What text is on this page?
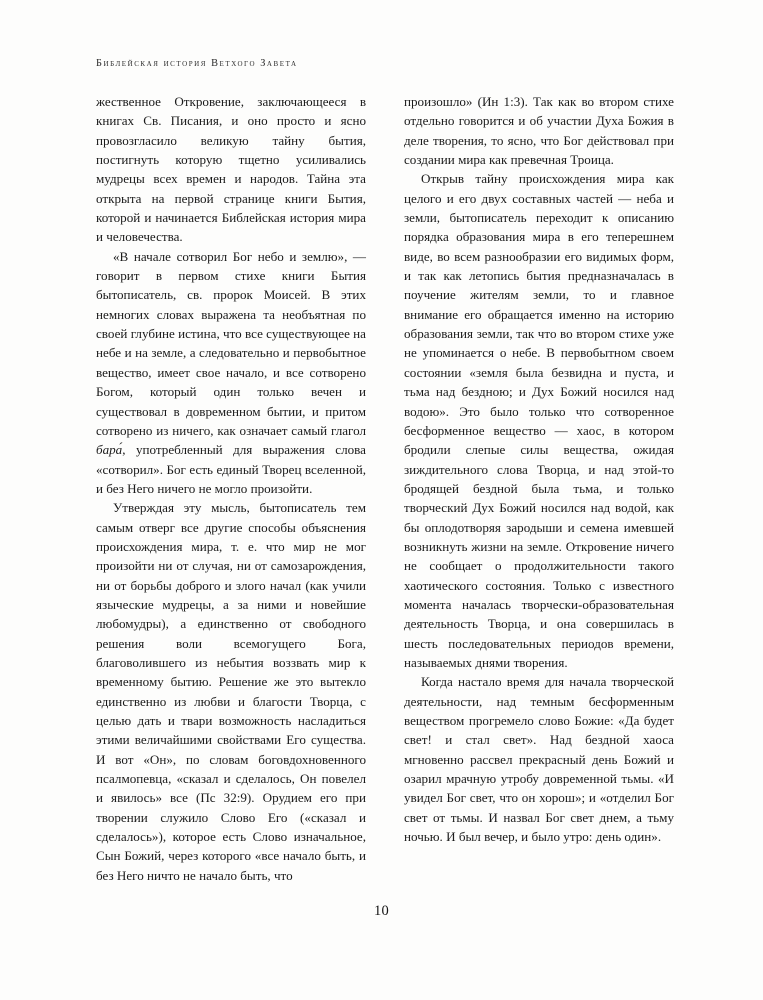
Библейская история Ветхого Завета

жественное Откровение, заключающееся в книгах Св. Писания, и оно просто и ясно провозгласило великую тайну бытия, постигнуть которую тщетно усиливались мудрецы всех времен и народов. Тайна эта открыта на первой странице книги Бытия, которой и начинается Библейская история мира и человечества.

«В начале сотворил Бог небо и землю», — говорит в первом стихе книги Бытия бытописатель, св. пророк Моисей. В этих немногих словах выражена та необъятная по своей глубине истина, что все существующее на небе и на земле, а следовательно и первобытное вещество, имеет свое начало, и все сотворено Богом, который один только вечен и существовал в довременном бытии, и притом сотворено из ничего, как означает самый глагол бара́, употребленный для выражения слова «сотворил». Бог есть единый Творец вселенной, и без Него ничего не могло произойти.

Утверждая эту мысль, бытописатель тем самым отверг все другие способы объяснения происхождения мира, т. е. что мир не мог произойти ни от случая, ни от самозарождения, ни от борьбы доброго и злого начал (как учили языческие мудрецы, а за ними и новейшие любомудры), а единственно от свободного решения воли всемогущего Бога, благоволившего из небытия воззвать мир к временному бытию. Решение же это вытекло единственно из любви и благости Творца, с целью дать и твари возможность насладиться этими величайшими свойствами Его существа. И вот «Он», по словам боговдохновенного псалмопевца, «сказал и сделалось, Он повелел и явилось» все (Пс 32:9). Орудием его при творении служило Слово Его («сказал и сделалось»), которое есть Слово изначальное, Сын Божий, через которого «все начало быть, и без Него ничто не начало быть, что

произошло» (Ин 1:3). Так как во втором стихе отдельно говорится и об участии Духа Божия в деле творения, то ясно, что Бог действовал при создании мира как превечная Троица.

Открыв тайну происхождения мира как целого и его двух составных частей — неба и земли, бытописатель переходит к описанию порядка образования мира в его теперешнем виде, во всем разнообразии его видимых форм, и так как летопись бытия предназначалась в поучение жителям земли, то и главное внимание его обращается именно на историю образования земли, так что во втором стихе уже не упоминается о небе. В первобытном своем состоянии «земля была безвидна и пуста, и тьма над бездною; и Дух Божий носился над водою». Это было только что сотворенное бесформенное вещество — хаос, в котором бродили слепые силы вещества, ожидая зиждительного слова Творца, и над этой-то бродящей бездной была тьма, и только творческий Дух Божий носился над водой, как бы оплодотворяя зародыши и семена имевшей возникнуть жизни на земле. Откровение ничего не сообщает о продолжительности такого хаотического состояния. Только с известного момента началась творчески-образовательная деятельность Творца, и она совершилась в шесть последовательных периодов времени, называемых днями творения.

Когда настало время для начала творческой деятельности, над темным бесформенным веществом прогремело слово Божие: «Да будет свет! и стал свет». Над бездной хаоса мгновенно рассвел прекрасный день Божий и озарил мрачную утробу довременной тьмы. «И увидел Бог свет, что он хорош»; и «отделил Бог свет от тьмы. И назвал Бог свет днем, а тьму ночью. И был вечер, и было утро: день один».

10
